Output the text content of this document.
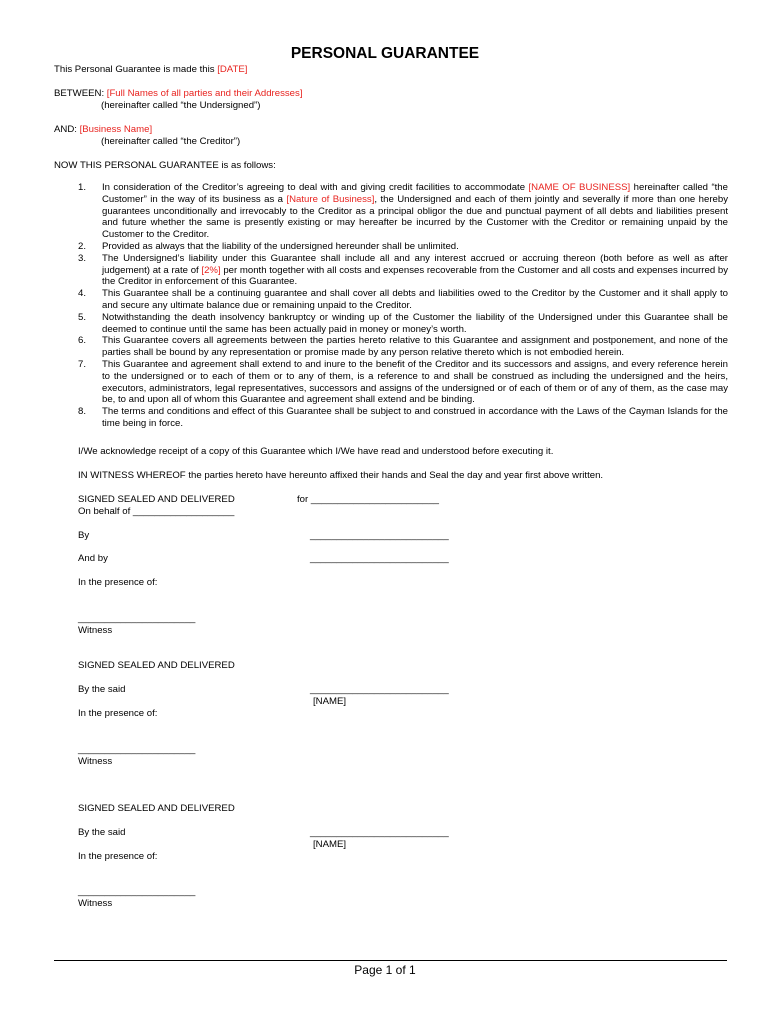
PERSONAL GUARANTEE
This Personal Guarantee is made this [DATE]
BETWEEN: [Full Names of all parties and their Addresses]
(hereinafter called “the Undersigned”)
AND: [Business Name]
(hereinafter called “the Creditor”)
NOW THIS PERSONAL GUARANTEE is as follows:
1. In consideration of the Creditor’s agreeing to deal with and giving credit facilities to accommodate [NAME OF BUSINESS] hereinafter called “the Customer” in the way of its business as a [Nature of Business], the Undersigned and each of them jointly and severally if more than one hereby guarantees unconditionally and irrevocably to the Creditor as a principal obligor the due and punctual payment of all debts and liabilities present and future whether the same is presently existing or may hereafter be incurred by the Customer with the Creditor or remaining unpaid by the Customer to the Creditor.
2. Provided as always that the liability of the undersigned hereunder shall be unlimited.
3. The Undersigned’s liability under this Guarantee shall include all and any interest accrued or accruing thereon (both before as well as after judgement) at a rate of [2%] per month together with all costs and expenses recoverable from the Customer and all costs and expenses incurred by the Creditor in enforcement of this Guarantee.
4. This Guarantee shall be a continuing guarantee and shall cover all debts and liabilities owed to the Creditor by the Customer and it shall apply to and secure any ultimate balance due or remaining unpaid to the Creditor.
5. Notwithstanding the death insolvency bankruptcy or winding up of the Customer the liability of the Undersigned under this Guarantee shall be deemed to continue until the same has been actually paid in money or money’s worth.
6. This Guarantee covers all agreements between the parties hereto relative to this Guarantee and assignment and postponement, and none of the parties shall be bound by any representation or promise made by any person relative thereto which is not embodied herein.
7. This Guarantee and agreement shall extend to and inure to the benefit of the Creditor and its successors and assigns, and every reference herein to the undersigned or to each of them or to any of them, is a reference to and shall be construed as including the undersigned and the heirs, executors, administrators, legal representatives, successors and assigns of the undersigned or of each of them or of any of them, as the case may be, to and upon all of whom this Guarantee and agreement shall extend and be binding.
8. The terms and conditions and effect of this Guarantee shall be subject to and construed in accordance with the Laws of the Cayman Islands for the time being in force.
I/We acknowledge receipt of a copy of this Guarantee which I/We have read and understood before executing it.
IN WITNESS WHEREOF the parties hereto have hereunto affixed their hands and Seal the day and year first above written.
SIGNED SEALED AND DELIVERED	for ________________________
On behalf of ___________________
By	__________________________
And by	__________________________
In the presence of:
______________________
Witness
SIGNED SEALED AND DELIVERED
By the said	__________________________
[NAME]
In the presence of:
______________________
Witness
SIGNED SEALED AND DELIVERED
By the said	__________________________
[NAME]
In the presence of:
______________________
Witness
Page 1 of 1
